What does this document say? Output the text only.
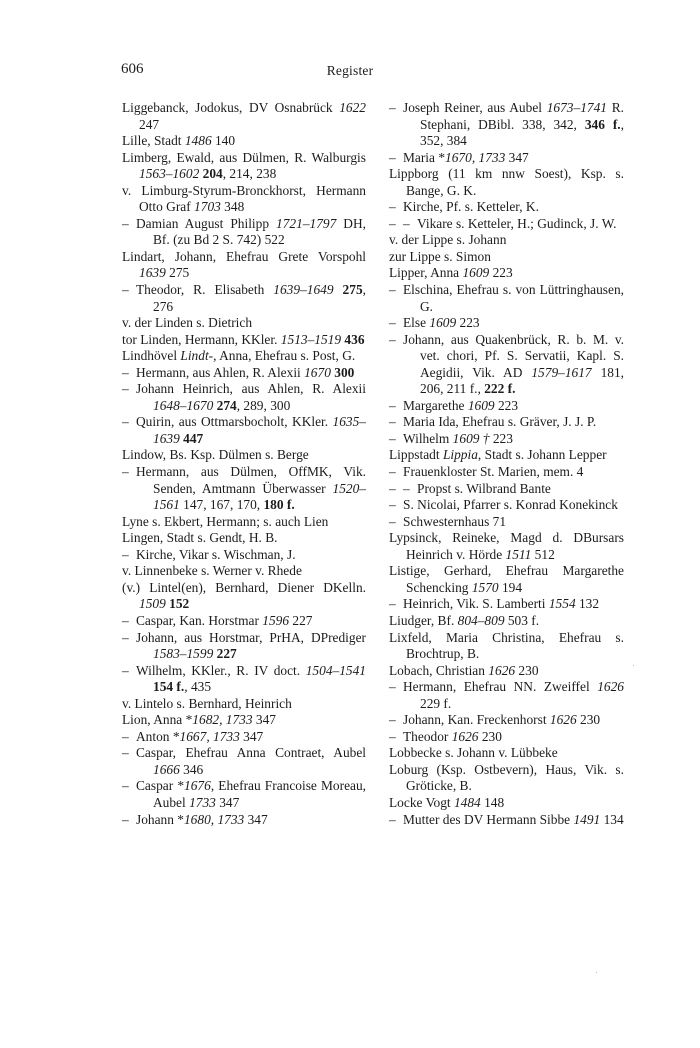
606	Register
Liggebanck, Jodokus, DV Osnabrück 1622 247
Lille, Stadt 1486 140
Limberg, Ewald, aus Dülmen, R. Walburgis 1563–1602 204, 214, 238
v. Limburg-Styrum-Bronckhorst, Hermann Otto Graf 1703 348
– Damian August Philipp 1721–1797 DH, Bf. (zu Bd 2 S. 742) 522
Lindart, Johann, Ehefrau Grete Vorspohl 1639 275
– Theodor, R. Elisabeth 1639–1649 275, 276
v. der Linden s. Dietrich
tor Linden, Hermann, KKler. 1513–1519 436
Lindhövel Lindt-, Anna, Ehefrau s. Post, G.
– Hermann, aus Ahlen, R. Alexii 1670 300
– Johann Heinrich, aus Ahlen, R. Alexii 1648–1670 274, 289, 300
– Quirin, aus Ottmarsbocholt, KKler. 1635–1639 447
Lindow, Bs. Ksp. Dülmen s. Berge
– Hermann, aus Dülmen, OffMK, Vik. Senden, Amtmann Überwasser 1520–1561 147, 167, 170, 180 f.
Lyne s. Ekbert, Hermann; s. auch Lien
Lingen, Stadt s. Gendt, H. B.
– Kirche, Vikar s. Wischman, J.
v. Linnenbeke s. Werner v. Rhede
(v.) Lintel(en), Bernhard, Diener DKelln. 1509 152
– Caspar, Kan. Horstmar 1596 227
– Johann, aus Horstmar, PrHA, DPrediger 1583–1599 227
– Wilhelm, KKler., R. IV doct. 1504–1541 154 f., 435
v. Lintelo s. Bernhard, Heinrich
Lion, Anna *1682, 1733 347
– Anton *1667, 1733 347
– Caspar, Ehefrau Anna Contraet, Aubel 1666 346
– Caspar *1676, Ehefrau Francoise Moreau, Aubel 1733 347
– Johann *1680, 1733 347
– Joseph Reiner, aus Aubel 1673–1741 R. Stephani, DBibl. 338, 342, 346 f., 352, 384
– Maria *1670, 1733 347
Lippborg (11 km nnw Soest), Ksp. s. Bange, G. K.
– Kirche, Pf. s. Ketteler, K.
– – Vikare s. Ketteler, H.; Gudinck, J. W.
v. der Lippe s. Johann
zur Lippe s. Simon
Lipper, Anna 1609 223
– Elschina, Ehefrau s. von Lüttringhausen, G.
– Else 1609 223
– Johann, aus Quakenbrück, R. b. M. v. vet. chori, Pf. S. Servatii, Kapl. S. Aegidii, Vik. AD 1579–1617 181, 206, 211 f., 222 f.
– Margarethe 1609 223
– Maria Ida, Ehefrau s. Gräver, J. J. P.
– Wilhelm 1609 † 223
Lippstadt Lippia, Stadt s. Johann Lepper
– Frauenkloster St. Marien, mem. 4
– – Propst s. Wilbrand Bante
– S. Nicolai, Pfarrer s. Konrad Konekinck
– Schwesternhaus 71
Lypsinck, Reineke, Magd d. DBursars Heinrich v. Hörde 1511 512
Listige, Gerhard, Ehefrau Margarethe Schencking 1570 194
– Heinrich, Vik. S. Lamberti 1554 132
Liudger, Bf. 804–809 503 f.
Lixfeld, Maria Christina, Ehefrau s. Brochtrup, B.
Lobach, Christian 1626 230
– Hermann, Ehefrau NN. Zweiffel 1626 229 f.
– Johann, Kan. Freckenhorst 1626 230
– Theodor 1626 230
Lobbecke s. Johann v. Lübbeke
Loburg (Ksp. Ostbevern), Haus, Vik. s. Gröticke, B.
Locke Vogt 1484 148
– Mutter des DV Hermann Sibbe 1491 134
